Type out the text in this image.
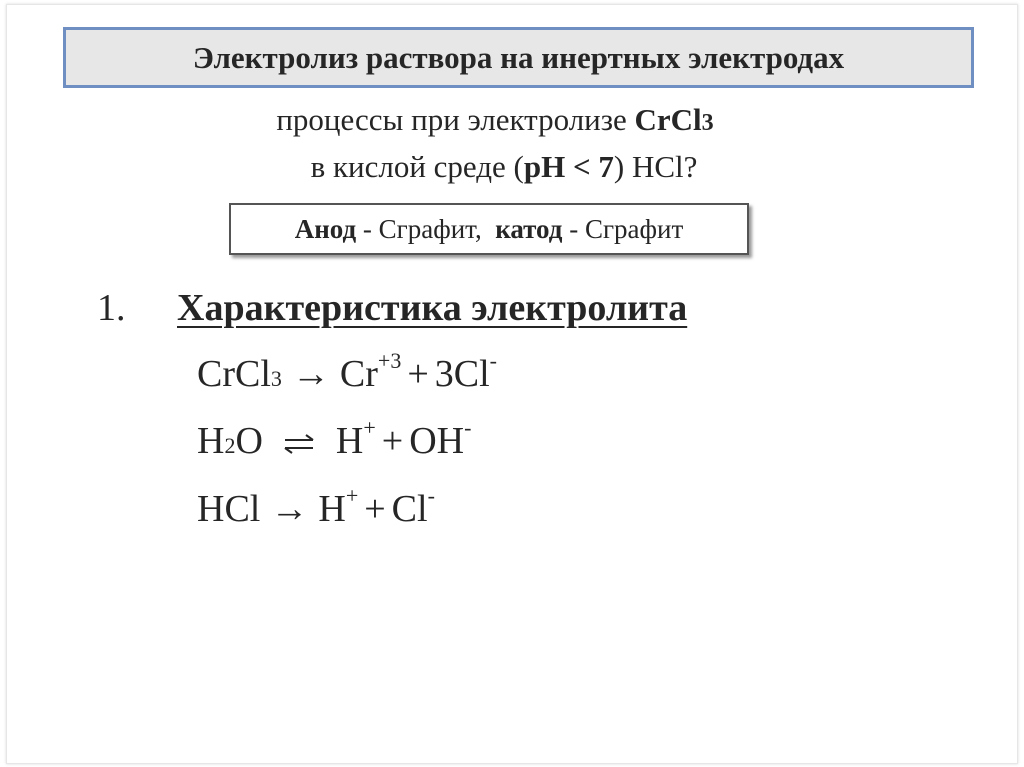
Электролиз раствора на инертных электродах
процессы при электролизе CrCl3
в кислой среде (pH < 7) HCl?
Анод - Сграфит, катод - Сграфит
1. Характеристика электролита
CrCl3 → $Cr^{+3} + 3Cl^-$
H2O ⇌ H+ + OH-
HCl → H+ + Cl-
